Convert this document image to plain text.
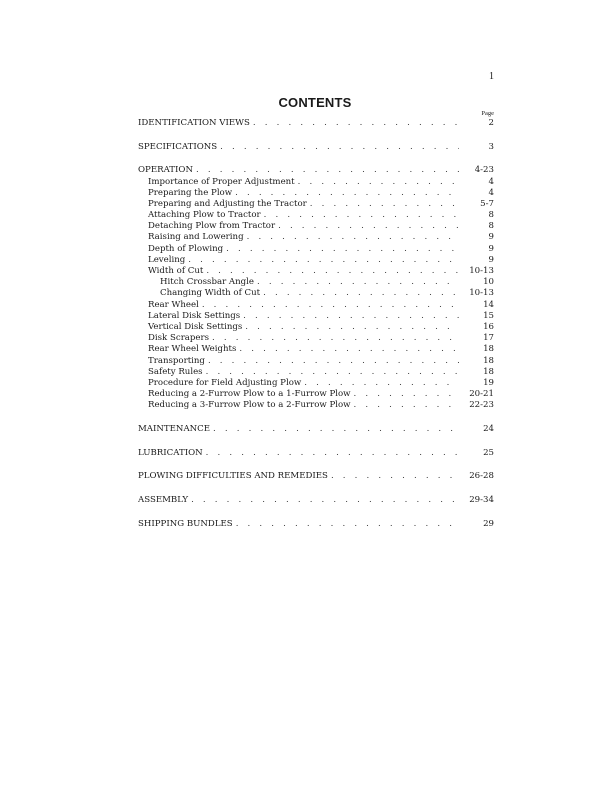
1
CONTENTS
Page
IDENTIFICATION VIEWS . . .	2
SPECIFICATIONS . . .	3
OPERATION . . .	4-23
Importance of Proper Adjustment . . .	4
Preparing the Plow . . .	4
Preparing and Adjusting the Tractor . . .	5-7
Attaching Plow to Tractor . . .	8
Detaching Plow from Tractor . . .	8
Raising and Lowering . . .	9
Depth of Plowing . . .	9
Leveling . . .	9
Width of Cut . . .	10-13
Hitch Crossbar Angle . . .	10
Changing Width of Cut . . .	10-13
Rear Wheel . . .	14
Lateral Disk Settings . . .	15
Vertical Disk Settings . . .	16
Disk Scrapers . . .	17
Rear Wheel Weights . . .	18
Transporting . . .	18
Safety Rules . . .	18
Procedure for Field Adjusting Plow . . .	19
Reducing a 2-Furrow Plow to a 1-Furrow Plow . . .	20-21
Reducing a 3-Furrow Plow to a 2-Furrow Plow . . .	22-23
MAINTENANCE . . .	24
LUBRICATION . . .	25
PLOWING DIFFICULTIES AND REMEDIES . . .	26-28
ASSEMBLY . . .	29-34
SHIPPING BUNDLES . . .	29
